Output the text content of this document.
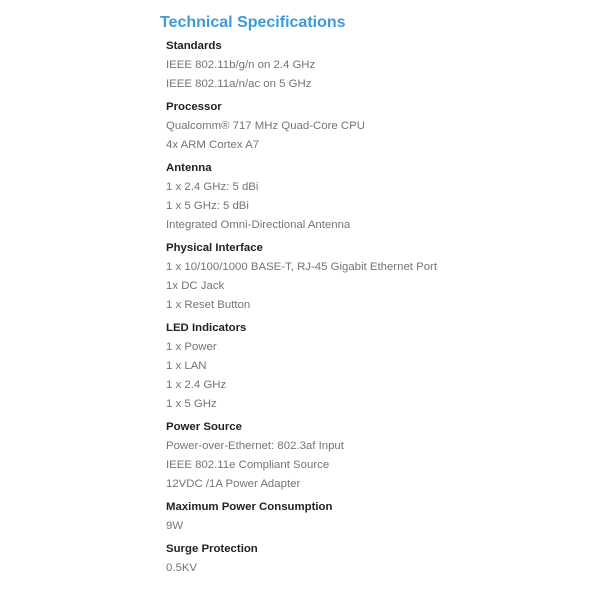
Technical Specifications
Standards
IEEE 802.11b/g/n on 2.4 GHz
IEEE 802.11a/n/ac on 5 GHz
Processor
Qualcomm® 717 MHz Quad-Core CPU
4x ARM Cortex A7
Antenna
1 x 2.4 GHz: 5 dBi
1 x 5 GHz: 5 dBi
Integrated Omni-Directional Antenna
Physical Interface
1 x 10/100/1000 BASE-T, RJ-45 Gigabit Ethernet Port
1x DC Jack
1 x Reset Button
LED Indicators
1 x Power
1 x LAN
1 x 2.4 GHz
1 x 5 GHz
Power Source
Power-over-Ethernet: 802.3af Input
IEEE 802.11e Compliant Source
12VDC /1A Power Adapter
Maximum Power Consumption
9W
Surge Protection
0.5KV
